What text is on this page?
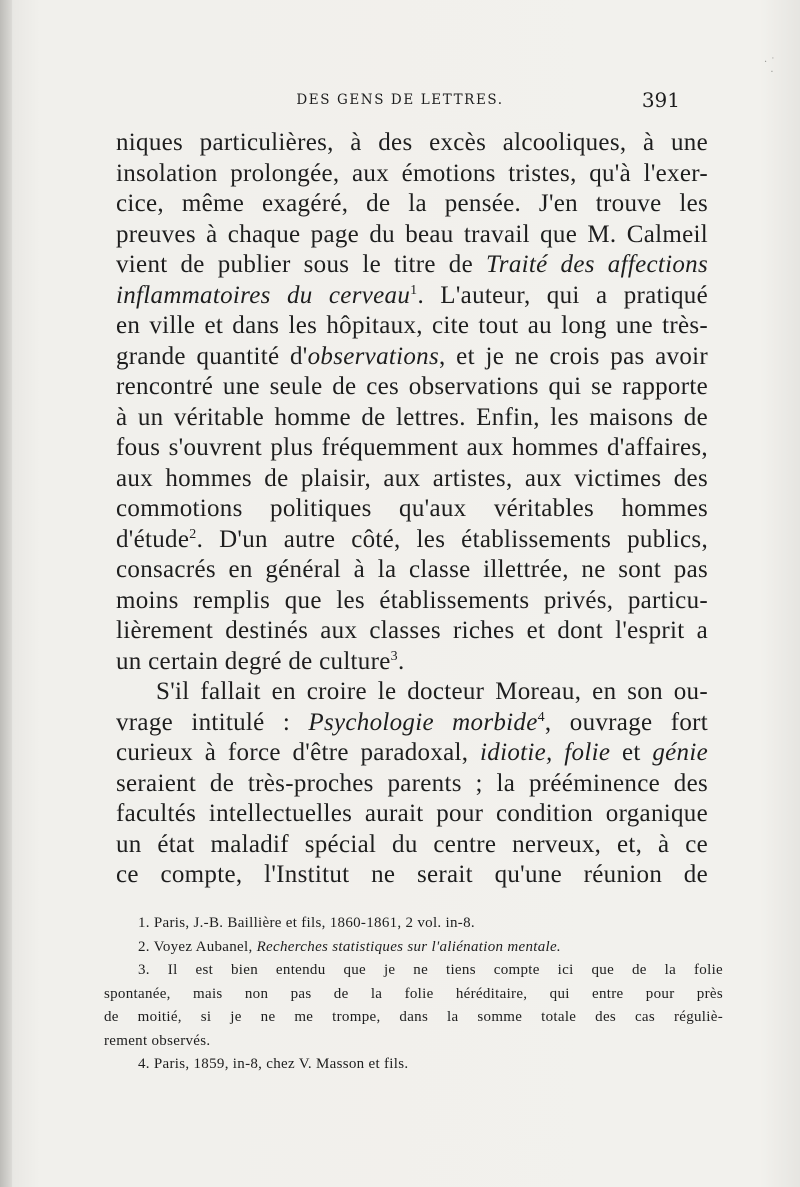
· ˙
·
DES GENS DE LETTRES.	391
niques particulières, à des excès alcooliques, à une
insolation prolongée, aux émotions tristes, qu'à l'exer-
cice, même exagéré, de la pensée. J'en trouve les
preuves à chaque page du beau travail que M. Calmeil
vient de publier sous le titre de Traité des affections
inflammatoires du cerveau$^1$. L'auteur, qui a pratiqué
en ville et dans les hôpitaux, cite tout au long une très-
grande quantité d'observations, et je ne crois pas avoir
rencontré une seule de ces observations qui se rapporte
à un véritable homme de lettres. Enfin, les maisons de
fous s'ouvrent plus fréquemment aux hommes d'affaires,
aux hommes de plaisir, aux artistes, aux victimes des
commotions politiques qu'aux véritables hommes
d'étude$^2$. D'un autre côté, les établissements publics,
consacrés en général à la classe illettrée, ne sont pas
moins remplis que les établissements privés, particu-
lièrement destinés aux classes riches et dont l'esprit a
un certain degré de culture$^3$.
S'il fallait en croire le docteur Moreau, en son ou-
vrage intitulé : Psychologie morbide$^4$, ouvrage fort
curieux à force d'être paradoxal, idiotie, folie et génie
seraient de très-proches parents ; la prééminence des
facultés intellectuelles aurait pour condition organique
un état maladif spécial du centre nerveux, et, à ce
ce compte, l'Institut ne serait qu'une réunion de
1. Paris, J.-B. Baillière et fils, 1860-1861, 2 vol. in-8.
2. Voyez Aubanel, Recherches statistiques sur l'aliénation mentale.
3. Il est bien entendu que je ne tiens compte ici que de la folie
spontanée, mais non pas de la folie héréditaire, qui entre pour près
de moitié, si je ne me trompe, dans la somme totale des cas réguliè-
rement observés.
4. Paris, 1859, in-8, chez V. Masson et fils.
